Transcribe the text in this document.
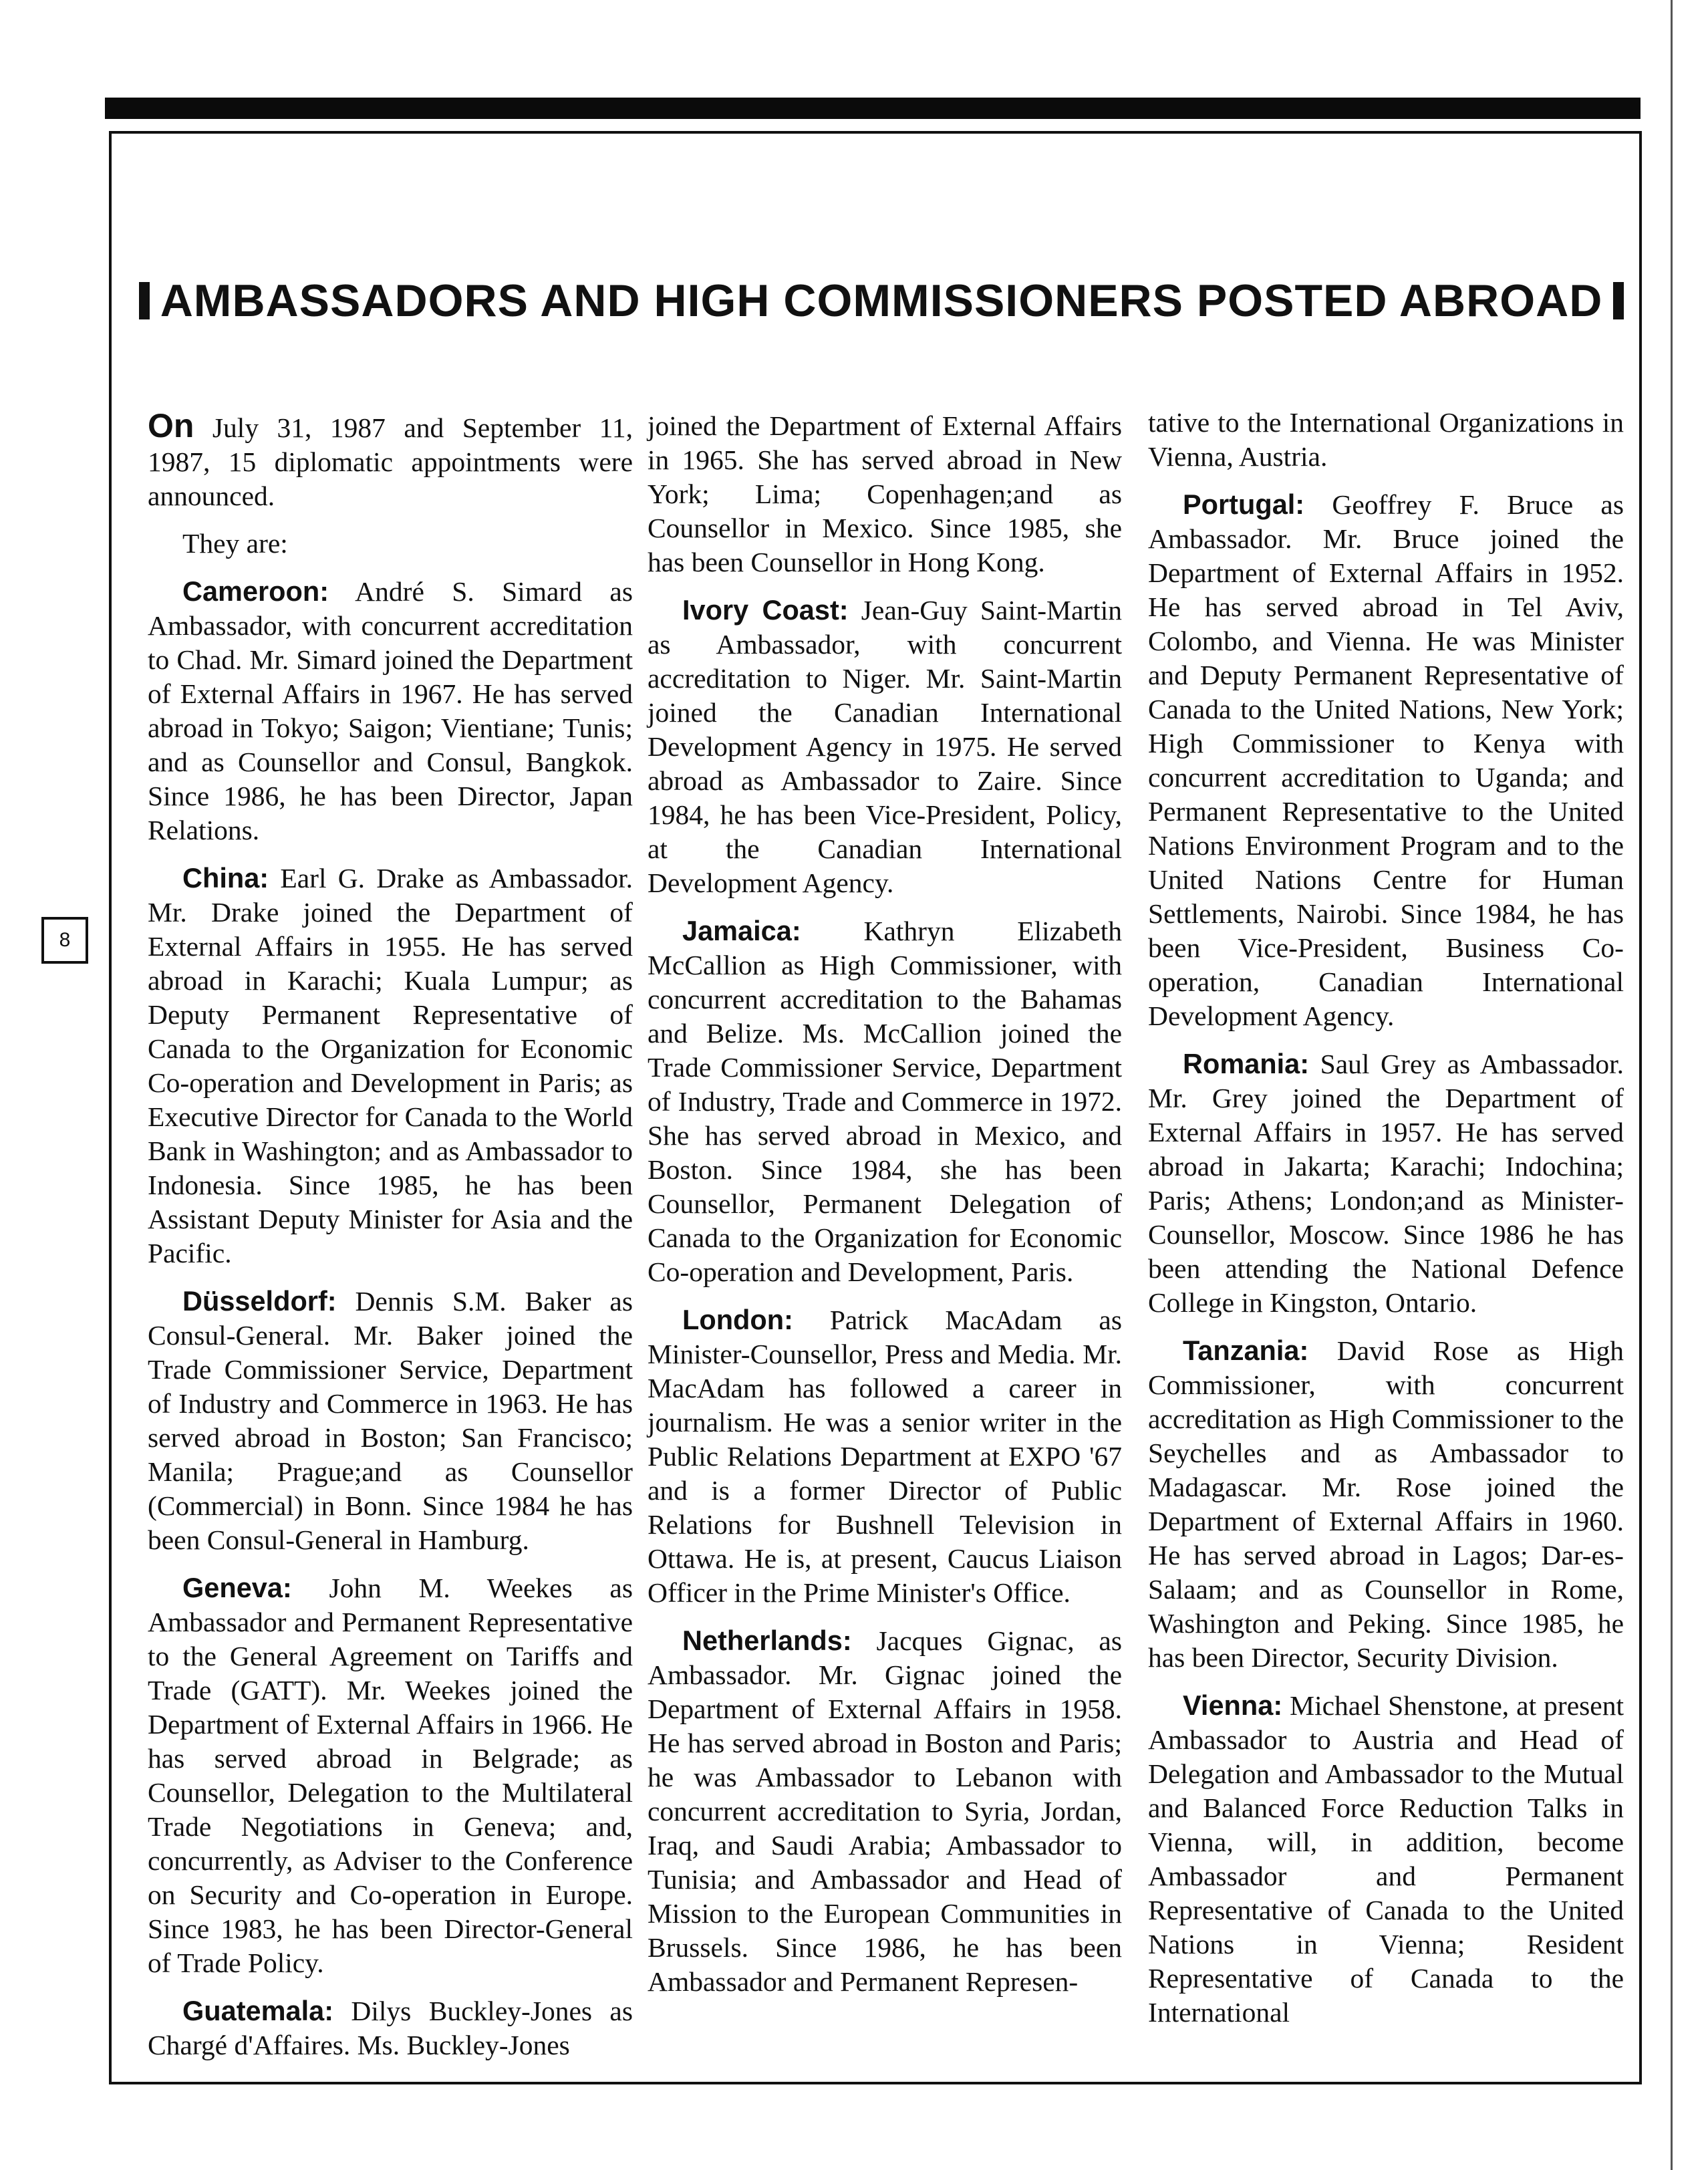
AMBASSADORS AND HIGH COMMISSIONERS POSTED ABROAD
8

On July 31, 1987 and September 11, 1987, 15 diplomatic appointments were announced.

They are:

Cameroon: André S. Simard as Ambassador, with concurrent accreditation to Chad. Mr. Simard joined the Department of External Affairs in 1967. He has served abroad in Tokyo; Saigon; Vientiane; Tunis; and as Counsellor and Consul, Bangkok. Since 1986, he has been Director, Japan Relations.

China: Earl G. Drake as Ambassador. Mr. Drake joined the Department of External Affairs in 1955. He has served abroad in Karachi; Kuala Lumpur; as Deputy Permanent Representative of Canada to the Organization for Economic Co-operation and Development in Paris; as Executive Director for Canada to the World Bank in Washington; and as Ambassador to Indonesia. Since 1985, he has been Assistant Deputy Minister for Asia and the Pacific.

Düsseldorf: Dennis S.M. Baker as Consul-General. Mr. Baker joined the Trade Commissioner Service, Department of Industry and Commerce in 1963. He has served abroad in Boston; San Francisco; Manila; Prague;and as Counsellor (Commercial) in Bonn. Since 1984 he has been Consul-General in Hamburg.

Geneva: John M. Weekes as Ambassador and Permanent Representative to the General Agreement on Tariffs and Trade (GATT). Mr. Weekes joined the Department of External Affairs in 1966. He has served abroad in Belgrade; as Counsellor, Delegation to the Multilateral Trade Negotiations in Geneva; and, concurrently, as Adviser to the Conference on Security and Co-operation in Europe. Since 1983, he has been Director-General of Trade Policy.

Guatemala: Dilys Buckley-Jones as Chargé d'Affaires. Ms. Buckley-Jones

joined the Department of External Affairs in 1965. She has served abroad in New York; Lima; Copenhagen;and as Counsellor in Mexico. Since 1985, she has been Counsellor in Hong Kong.

Ivory Coast: Jean-Guy Saint-Martin as Ambassador, with concurrent accreditation to Niger. Mr. Saint-Martin joined the Canadian International Development Agency in 1975. He served abroad as Ambassador to Zaire. Since 1984, he has been Vice-President, Policy, at the Canadian International Development Agency.

Jamaica: Kathryn Elizabeth McCallion as High Commissioner, with concurrent accreditation to the Bahamas and Belize. Ms. McCallion joined the Trade Commissioner Service, Department of Industry, Trade and Commerce in 1972. She has served abroad in Mexico, and Boston. Since 1984, she has been Counsellor, Permanent Delegation of Canada to the Organization for Economic Co-operation and Development, Paris.

London: Patrick MacAdam as Minister-Counsellor, Press and Media. Mr. MacAdam has followed a career in journalism. He was a senior writer in the Public Relations Department at EXPO '67 and is a former Director of Public Relations for Bushnell Television in Ottawa. He is, at present, Caucus Liaison Officer in the Prime Minister's Office.

Netherlands: Jacques Gignac, as Ambassador. Mr. Gignac joined the Department of External Affairs in 1958. He has served abroad in Boston and Paris; he was Ambassador to Lebanon with concurrent accreditation to Syria, Jordan, Iraq, and Saudi Arabia; Ambassador to Tunisia; and Ambassador and Head of Mission to the European Communities in Brussels. Since 1986, he has been Ambassador and Permanent Represen-

tative to the International Organizations in Vienna, Austria.

Portugal: Geoffrey F. Bruce as Ambassador. Mr. Bruce joined the Department of External Affairs in 1952. He has served abroad in Tel Aviv, Colombo, and Vienna. He was Minister and Deputy Permanent Representative of Canada to the United Nations, New York; High Commissioner to Kenya with concurrent accreditation to Uganda; and Permanent Representative to the United Nations Environment Program and to the United Nations Centre for Human Settlements, Nairobi. Since 1984, he has been Vice-President, Business Co-operation, Canadian International Development Agency.

Romania: Saul Grey as Ambassador. Mr. Grey joined the Department of External Affairs in 1957. He has served abroad in Jakarta; Karachi; Indochina; Paris; Athens; London;and as Minister-Counsellor, Moscow. Since 1986 he has been attending the National Defence College in Kingston, Ontario.

Tanzania: David Rose as High Commissioner, with concurrent accreditation as High Commissioner to the Seychelles and as Ambassador to Madagascar. Mr. Rose joined the Department of External Affairs in 1960. He has served abroad in Lagos; Dar-es-Salaam; and as Counsellor in Rome, Washington and Peking. Since 1985, he has been Director, Security Division.

Vienna: Michael Shenstone, at present Ambassador to Austria and Head of Delegation and Ambassador to the Mutual and Balanced Force Reduction Talks in Vienna, will, in addition, become Ambassador and Permanent Representative of Canada to the United Nations in Vienna; Resident Representative of Canada to the International
